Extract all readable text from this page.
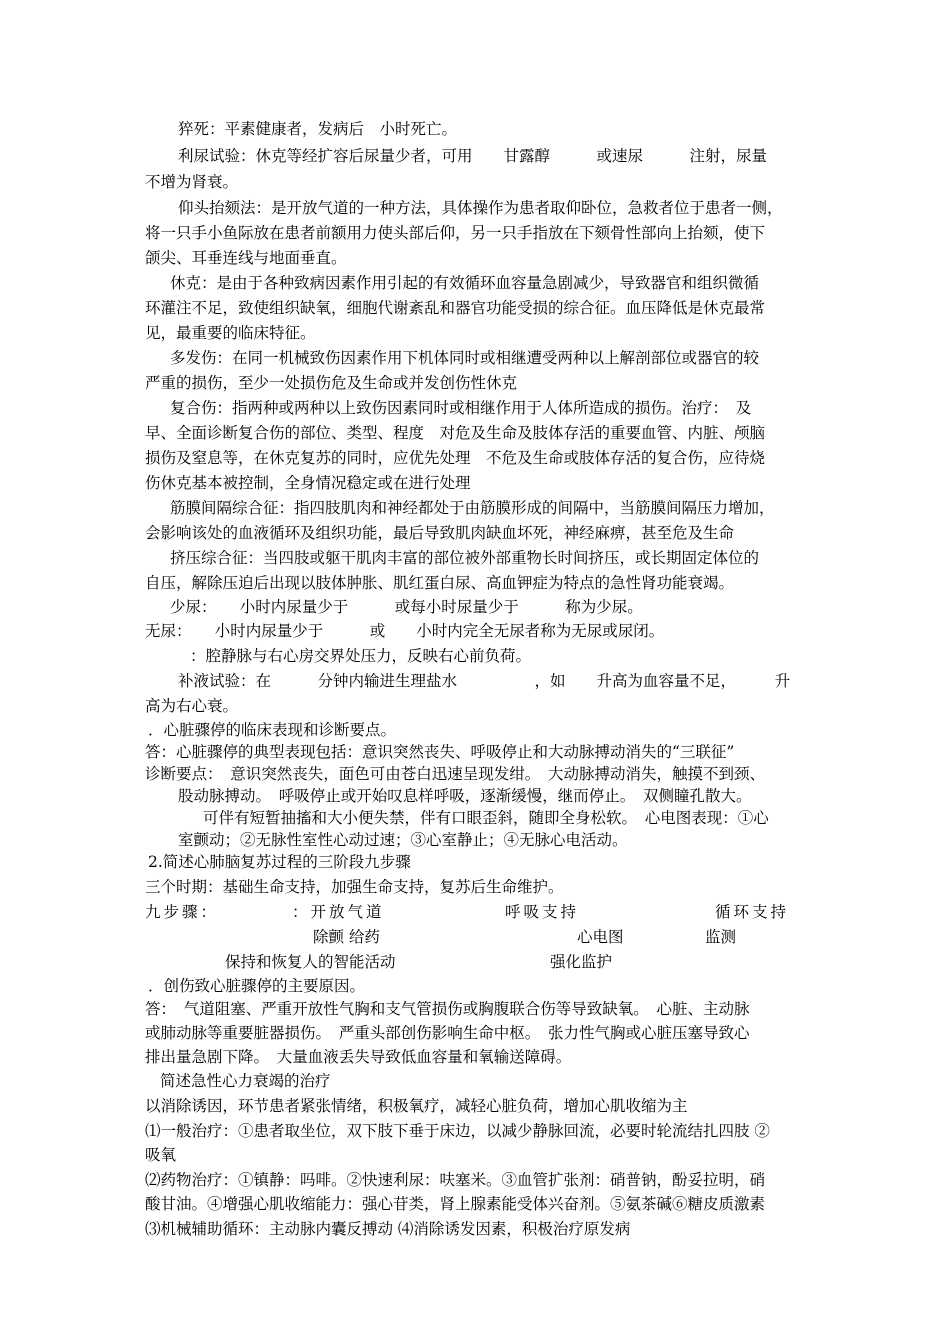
猝死：平素健康者，发病后　小时死亡。
利尿试验：休克等经扩容后尿量少者，可用　　甘露醇　　　或速尿　　　注射，尿量
不增为肾衰。
仰头抬颏法：是开放气道的一种方法，具体操作为患者取仰卧位，急救者位于患者一侧，
将一只手小鱼际放在患者前额用力使头部后仰，另一只手指放在下颏骨性部向上抬颏，使下
颌尖、耳垂连线与地面垂直。
休克：是由于各种致病因素作用引起的有效循环血容量急剧减少，导致器官和组织微循
环灌注不足，致使组织缺氧，细胞代谢紊乱和器官功能受损的综合征。血压降低是休克最常
见，最重要的临床特征。
多发伤：在同一机械致伤因素作用下机体同时或相继遭受两种以上解剖部位或器官的较
严重的损伤，至少一处损伤危及生命或并发创伤性休克
复合伤：指两种或两种以上致伤因素同时或相继作用于人体所造成的损伤。治疗：　及
早、全面诊断复合伤的部位、类型、程度　对危及生命及肢体存活的重要血管、内脏、颅脑
损伤及窒息等，在休克复苏的同时，应优先处理　不危及生命或肢体存活的复合伤，应待烧
伤休克基本被控制，全身情况稳定或在进行处理
筋膜间隔综合征：指四肢肌肉和神经都处于由筋膜形成的间隔中，当筋膜间隔压力增加，
会影响该处的血液循环及组织功能，最后导致肌肉缺血坏死，神经麻痹，甚至危及生命
挤压综合征：当四肢或躯干肌肉丰富的部位被外部重物长时间挤压，或长期固定体位的
自压，解除压迫后出现以肢体肿胀、肌红蛋白尿、高血钾症为特点的急性肾功能衰竭。
少尿：　　小时内尿量少于　　　或每小时尿量少于　　　称为少尿。
无尿：　　小时内尿量少于　　　或　　小时内完全无尿者称为无尿或尿闭。
：腔静脉与右心房交界处压力，反映右心前负荷。
补液试验：在　　　分钟内输进生理盐水　　　　　，如　　升高为血容量不足，　　　升
高为右心衰。
．心脏骤停的临床表现和诊断要点。
答：心脏骤停的典型表现包括：意识突然丧失、呼吸停止和大动脉搏动消失的“三联征”
诊断要点：　意识突然丧失，面色可由苍白迅速呈现发绀。　大动脉搏动消失，触摸不到颈、
股动脉搏动。　呼吸停止或开始叹息样呼吸，逐渐缓慢，继而停止。　双侧瞳孔散大。
可伴有短暂抽搐和大小便失禁，伴有口眼歪斜，随即全身松软。　心电图表现：①心
室颤动；②无脉性室性心动过速；③心室静止；④无脉心电活动。
2.简述心肺脑复苏过程的三阶段九步骤
三个时期：基础生命支持，加强生命支持，复苏后生命维护。
九步骤：	：开放气道	呼吸支持	循环支持
除颤 给药	心电图	监测
保持和恢复人的智能活动	强化监护
．创伤致心脏骤停的主要原因。
答：　气道阻塞、严重开放性气胸和支气管损伤或胸腹联合伤等导致缺氧。　心脏、主动脉
或肺动脉等重要脏器损伤。　严重头部创伤影响生命中枢。　张力性气胸或心脏压塞导致心
排出量急剧下降。　大量血液丢失导致低血容量和氧输送障碍。
简述急性心力衰竭的治疗
以消除诱因，环节患者紧张情绪，积极氧疗，减轻心脏负荷，增加心肌收缩为主
⑴一般治疗：①患者取坐位，双下肢下垂于床边，以减少静脉回流，必要时轮流结扎四肢 ②
吸氧
⑵药物治疗：①镇静：吗啡。②快速利尿：呋塞米。③血管扩张剂：硝普钠，酚妥拉明，硝
酸甘油。④增强心肌收缩能力：强心苷类，肾上腺素能受体兴奋剂。⑤氨茶碱⑥糖皮质激素
⑶机械辅助循环：主动脉内囊反搏动 ⑷消除诱发因素，积极治疗原发病
